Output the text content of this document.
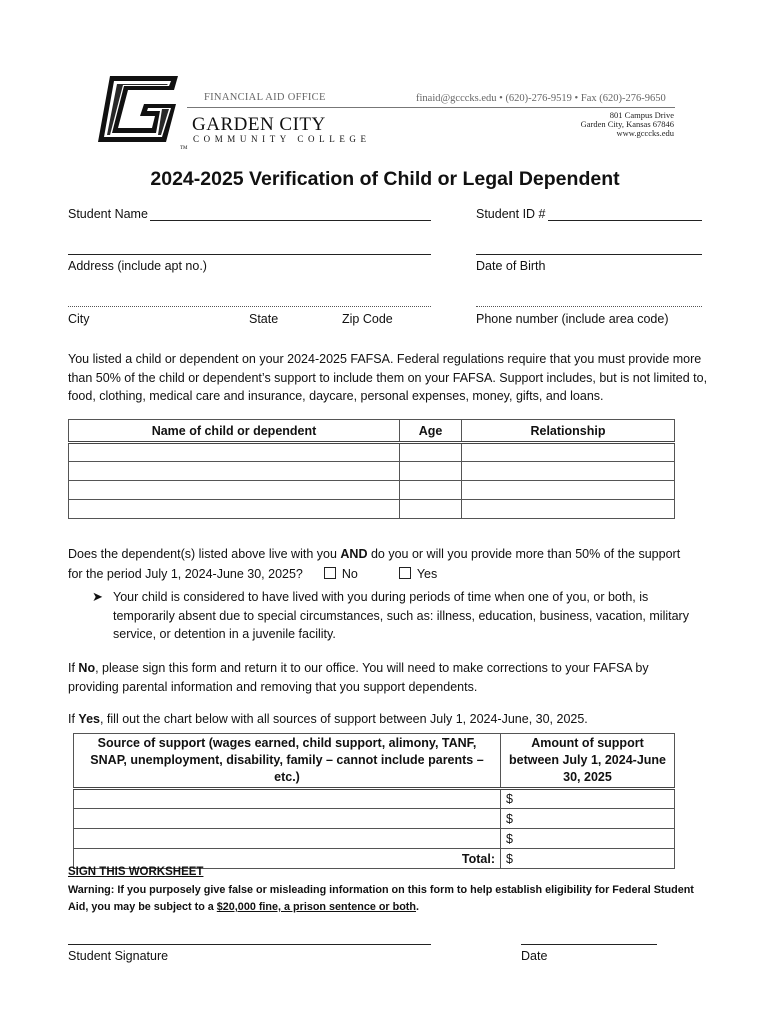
TM
GARDEN CITY
COMMUNITY COLLEGE
FINANCIAL AID OFFICE	finaid@gcccks.edu • (620)-276-9519 • Fax (620)-276-9650
801 Campus Drive
Garden City, Kansas 67846
www.gcccks.edu
2024-2025 Verification of Child or Legal Dependent
Student Name	Student ID #
Address (include apt no.)	Date of Birth
City	State	Zip Code	Phone number (include area code)
You listed a child or dependent on your 2024-2025 FAFSA. Federal regulations require that you must provide more than 50% of the child or dependent’s support to include them on your FAFSA. Support includes, but is not limited to, food, clothing, medical care and insurance, daycare, personal expenses, money, gifts, and loans.
Name of child or dependent	Age	Relationship

Does the dependent(s) listed above live with you AND do you or will you provide more than 50% of the support
for the period July 1, 2024-June 30, 2025?	No	Yes
➤ Your child is considered to have lived with you during periods of time when one of you, or both, is temporarily absent due to special circumstances, such as: illness, education, business, vacation, military service, or detention in a juvenile facility.
If No, please sign this form and return it to our office. You will need to make corrections to your FAFSA by providing parental information and removing that you support dependents.
If Yes, fill out the chart below with all sources of support between July 1, 2024-June, 30, 2025.
Source of support (wages earned, child support, alimony, TANF, SNAP, unemployment, disability, family – cannot include parents – etc.)	Amount of support between July 1, 2024-June 30, 2025
	$
	$
	$
Total:	$
SIGN THIS WORKSHEET
Warning: If you purposely give false or misleading information on this form to help establish eligibility for Federal Student Aid, you may be subject to a $20,000 fine, a prison sentence or both.
Student Signature	Date
